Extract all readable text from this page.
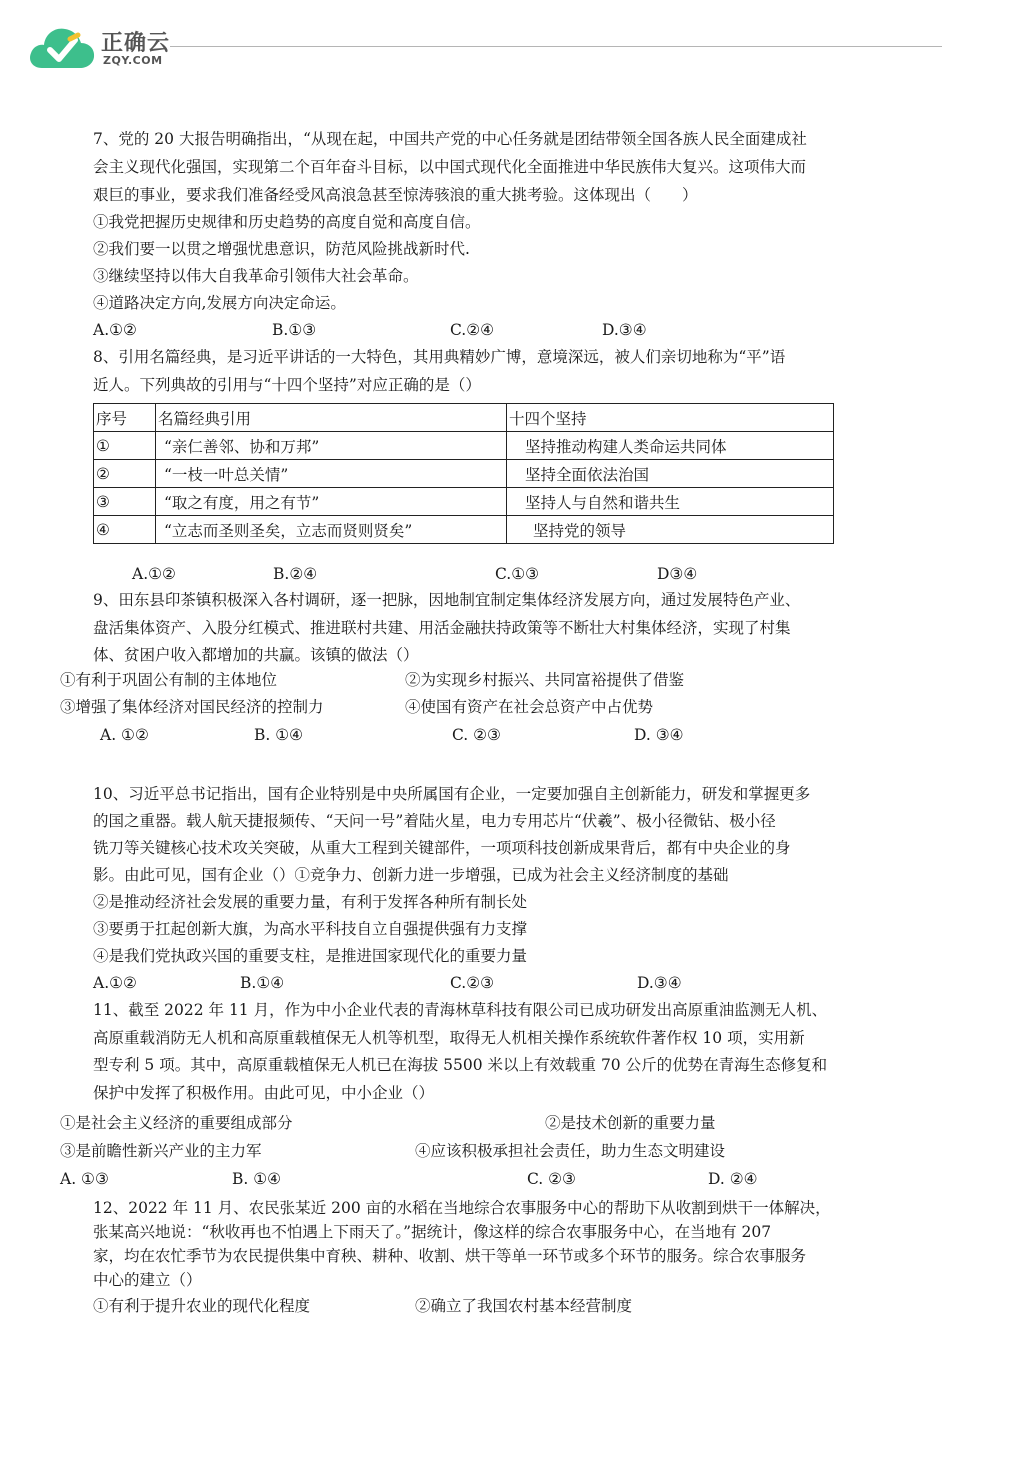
正确云
ZQY.COM
7、党的 20 大报告明确指出，“从现在起，中国共产党的中心任务就是团结带领全国各族人民全面建成社
会主义现代化强国，实现第二个百年奋斗目标，以中国式现代化全面推进中华民族伟大复兴。这项伟大而
艰巨的事业，要求我们准备经受风高浪急甚至惊涛骇浪的重大挑考验。这体现出（　　）
①我党把握历史规律和历史趋势的高度自觉和高度自信。
②我们要一以贯之增强忧患意识，防范风险挑战新时代.
③继续坚持以伟大自我革命引领伟大社会革命。
④道路决定方向,发展方向决定命运。
A.①②	B.①③	C.②④	D.③④
8、引用名篇经典，是习近平讲话的一大特色，其用典精妙广博，意境深远，被人们亲切地称为“平”语
近人。下列典故的引用与“十四个坚持”对应正确的是（）
序号	名篇经典引用	十四个坚持
①	“亲仁善邻、协和万邦”	坚持推动构建人类命运共同体
②	“一枝一叶总关情”	坚持全面依法治国
③	“取之有度，用之有节”	坚持人与自然和谐共生
④	“立志而圣则圣矣，立志而贤则贤矣”	坚持党的领导
A.①②	B.②④	C.①③	D③④
9、田东县印茶镇积极深入各村调研，逐一把脉，因地制宜制定集体经济发展方向，通过发展特色产业、
盘活集体资产、入股分红模式、推进联村共建、用活金融扶持政策等不断壮大村集体经济，实现了村集
体、贫困户收入都增加的共赢。该镇的做法（）
①有利于巩固公有制的主体地位	②为实现乡村振兴、共同富裕提供了借鉴
③增强了集体经济对国民经济的控制力	④使国有资产在社会总资产中占优势
A. ①②	B. ①④	C. ②③	D. ③④
10、习近平总书记指出，国有企业特别是中央所属国有企业，一定要加强自主创新能力，研发和掌握更多
的国之重器。载人航天捷报频传、“天问一号”着陆火星，电力专用芯片“伏羲”、极小径微钻、极小径
铣刀等关键核心技术攻关突破，从重大工程到关键部件，一项项科技创新成果背后，都有中央企业的身
影。由此可见，国有企业（）①竞争力、创新力进一步增强，已成为社会主义经济制度的基础
②是推动经济社会发展的重要力量，有利于发挥各种所有制长处
③要勇于扛起创新大旗，为高水平科技自立自强提供强有力支撑
④是我们党执政兴国的重要支柱，是推进国家现代化的重要力量
A.①②	B.①④	C.②③	D.③④
11、截至 2022 年 11 月，作为中小企业代表的青海林草科技有限公司已成功研发出高原重油监测无人机、
高原重载消防无人机和高原重载植保无人机等机型，取得无人机相关操作系统软件著作权 10 项，实用新
型专利 5 项。其中，高原重载植保无人机已在海拔 5500 米以上有效载重 70 公斤的优势在青海生态修复和
保护中发挥了积极作用。由此可见，中小企业（）
①是社会主义经济的重要组成部分	②是技术创新的重要力量
③是前瞻性新兴产业的主力军	④应该积极承担社会责任，助力生态文明建设
A. ①③	B. ①④	C. ②③	D. ②④
12、2022 年 11 月、农民张某近 200 亩的水稻在当地综合农事服务中心的帮助下从收割到烘干一体解决，
张某高兴地说：“秋收再也不怕遇上下雨天了。”据统计，像这样的综合农事服务中心，在当地有 207
家，均在农忙季节为农民提供集中育秧、耕种、收割、烘干等单一环节或多个环节的服务。综合农事服务
中心的建立（）
①有利于提升农业的现代化程度	②确立了我国农村基本经营制度
